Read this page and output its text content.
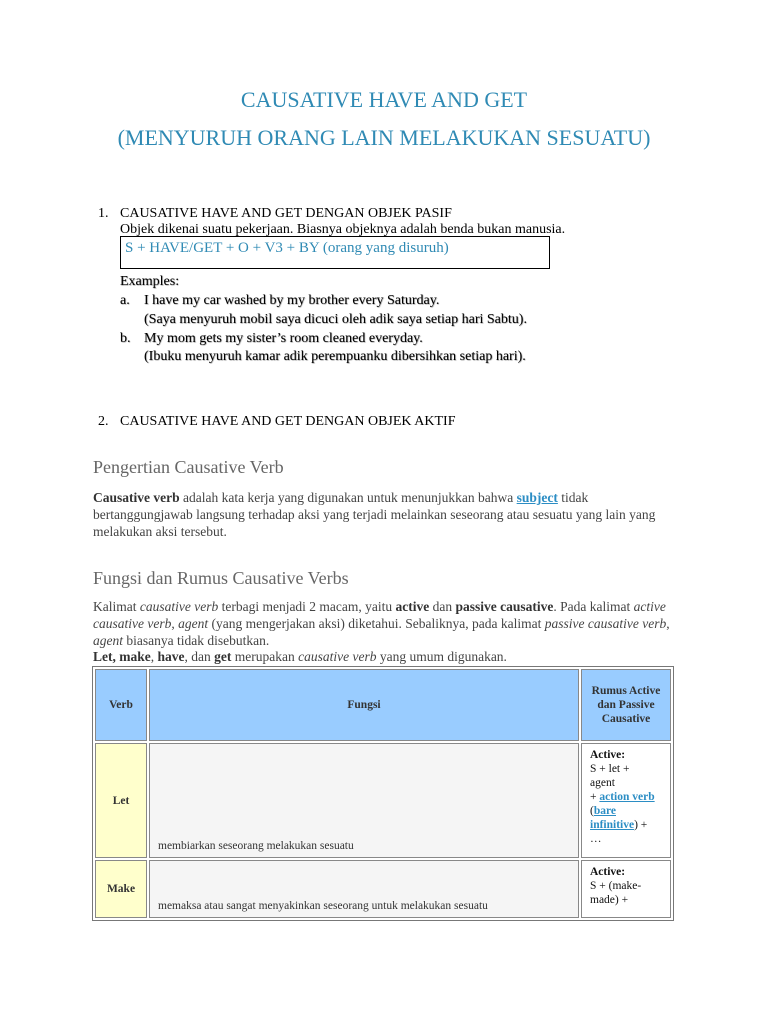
CAUSATIVE HAVE AND GET
(MENYURUH ORANG LAIN MELAKUKAN SESUATU)
1. CAUSATIVE HAVE AND GET DENGAN OBJEK PASIF
Objek dikenai suatu pekerjaan. Biasnya objeknya adalah benda bukan manusia.
S + HAVE/GET + O + V3 + BY (orang yang disuruh)
Examples:
a. I have my car washed by my brother every Saturday.
(Saya menyuruh mobil saya dicuci oleh adik saya setiap hari Sabtu).
b. My mom gets my sister’s room cleaned everyday.
(Ibuku menyuruh kamar adik perempuanku dibersihkan setiap hari).
2. CAUSATIVE HAVE AND GET DENGAN OBJEK AKTIF
Pengertian Causative Verb
Causative verb adalah kata kerja yang digunakan untuk menunjukkan bahwa subject tidak bertanggungjawab langsung terhadap aksi yang terjadi melainkan seseorang atau sesuatu yang lain yang melakukan aksi tersebut.
Fungsi dan Rumus Causative Verbs
Kalimat causative verb terbagi menjadi 2 macam, yaitu active dan passive causative. Pada kalimat active causative verb, agent (yang mengerjakan aksi) diketahui. Sebaliknya, pada kalimat passive causative verb, agent biasanya tidak disebutkan.
Let, make, have, dan get merupakan causative verb yang umum digunakan.
Verb	Fungsi	Rumus Active dan Passive Causative
Let	membiarkan seseorang melakukan sesuatu	Active:
S + let +
agent
+ action verb (bare infinitive) +
…
Make	memaksa atau sangat menyakinkan seseorang untuk melakukan sesuatu	Active:
S + (make-
made) +
